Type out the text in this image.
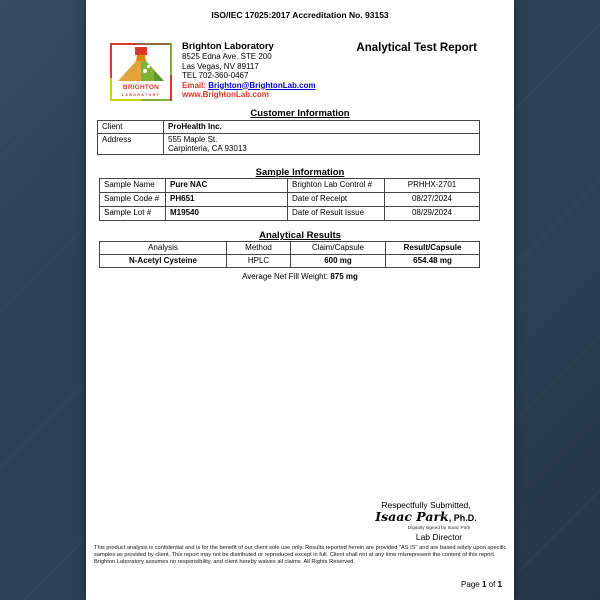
ISO/IEC 17025:2017 Accreditation No. 93153
BRIGHTON
LABORATORY
Brighton Laboratory
8525 Edna Ave. STE 200
Las Vegas, NV 89117
TEL 702-360-0467
Email: Brighton@BrightonLab.com
www.BrightonLab.com
Analytical Test Report
Customer Information
Client	ProHealth Inc.
Address	555 Maple St.
Carpinteria, CA 93013
Sample Information
Sample Name	Pure NAC	Brighton Lab Control #	PRHHX-2701
Sample Code #	PH651	Date of Receipt	08/27/2024
Sample Lot #	M19540	Date of Result Issue	08/29/2024
Analytical Results
Analysis	Method	Claim/Capsule	Result/Capsule
N-Acetyl Cysteine	HPLC	600 mg	654.48 mg
Average Net Fill Weight: 875 mg
Respectfully Submitted,
Isaac Park, Ph.D.
Digitally signed by Isaac Park
Lab Director
This product analysis is confidential and is for the benefit of our client sole use only. Results reported herein are provided "AS IS" and are based solely upon specific samples as provided by client. This report may not be distributed or reproduced except in full. Client shall not at any time misrepresent the content of this report. Brighton Laboratory assumes no responsibility, and client hereby waives all claims. All Rights Reserved.
Page 1 of 1
